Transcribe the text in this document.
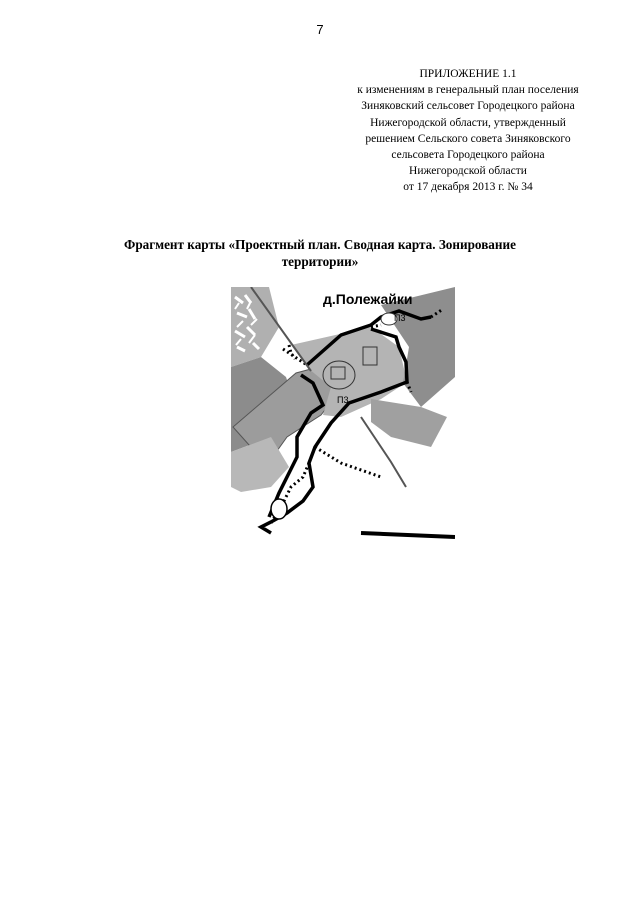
7
ПРИЛОЖЕНИЕ 1.1
к изменениям в генеральный план поселения
Зиняковский сельсовет Городецкого района
Нижегородской области, утвержденный
решением Сельского совета Зиняковского
сельсовета Городецкого района
Нижегородской области
от 17 декабря 2013 г. № 34
Фрагмент карты «Проектный план. Сводная карта. Зонирование
территории»
д.Полежайки
П3
П3
